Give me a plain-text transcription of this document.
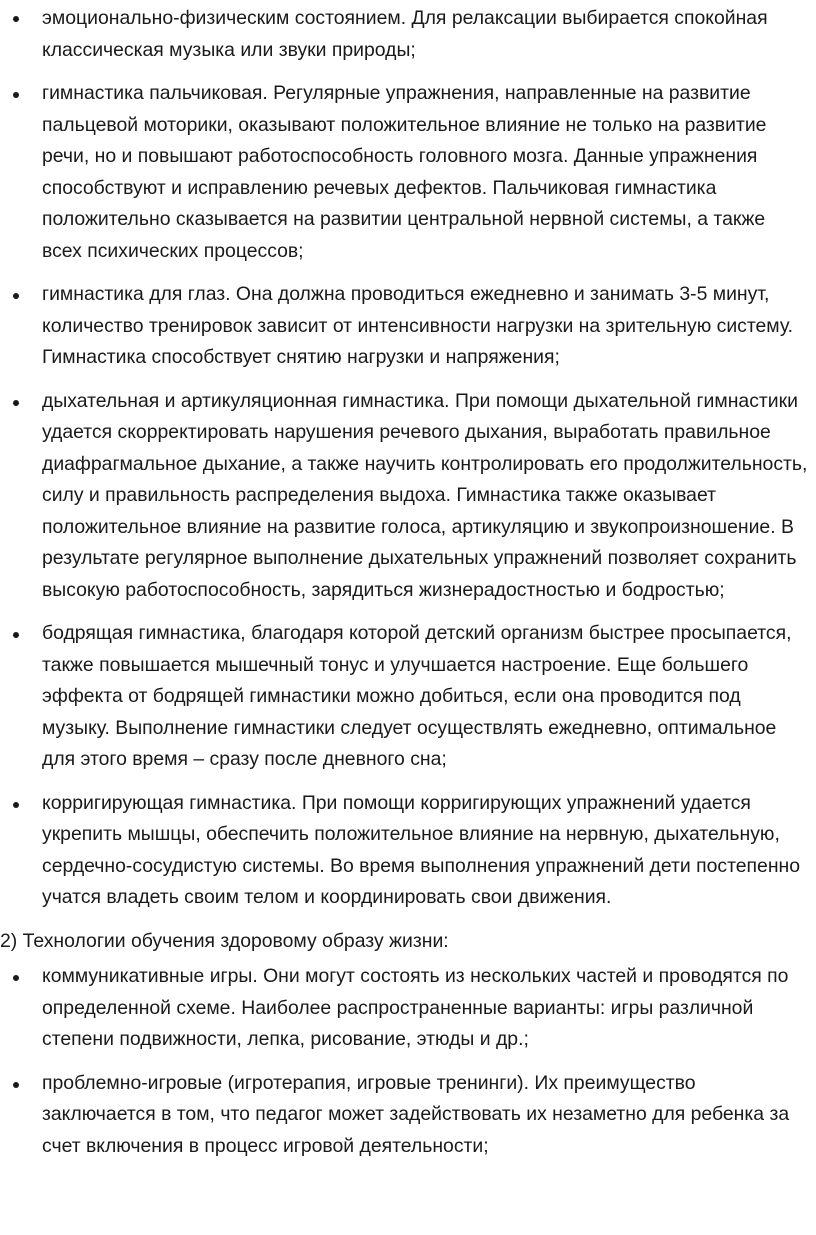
эмоционально-физическим состоянием. Для релаксации выбирается спокойная классическая музыка или звуки природы;
гимнастика пальчиковая. Регулярные упражнения, направленные на развитие пальцевой моторики, оказывают положительное влияние не только на развитие речи, но и повышают работоспособность головного мозга. Данные упражнения способствуют и исправлению речевых дефектов. Пальчиковая гимнастика положительно сказывается на развитии центральной нервной системы, а также всех психических процессов;
гимнастика для глаз. Она должна проводиться ежедневно и занимать 3-5 минут, количество тренировок зависит от интенсивности нагрузки на зрительную систему. Гимнастика способствует снятию нагрузки и напряжения;
дыхательная и артикуляционная гимнастика. При помощи дыхательной гимнастики удается скорректировать нарушения речевого дыхания, выработать правильное диафрагмальное дыхание, а также научить контролировать его продолжительность, силу и правильность распределения выдоха. Гимнастика также оказывает положительное влияние на развитие голоса, артикуляцию и звукопроизношение. В результате регулярное выполнение дыхательных упражнений позволяет сохранить высокую работоспособность, зарядиться жизнерадостностью и бодростью;
бодрящая гимнастика, благодаря которой детский организм быстрее просыпается, также повышается мышечный тонус и улучшается настроение. Еще большего эффекта от бодрящей гимнастики можно добиться, если она проводится под музыку. Выполнение гимнастики следует осуществлять ежедневно, оптимальное для этого время – сразу после дневного сна;
корригирующая гимнастика. При помощи корригирующих упражнений удается укрепить мышцы, обеспечить положительное влияние на нервную, дыхательную, сердечно-сосудистую системы. Во время выполнения упражнений дети постепенно учатся владеть своим телом и координировать свои движения.

2) Технологии обучения здоровому образу жизни:

коммуникативные игры. Они могут состоять из нескольких частей и проводятся по определенной схеме. Наиболее распространенные варианты: игры различной степени подвижности, лепка, рисование, этюды и др.;
проблемно-игровые (игротерапия, игровые тренинги). Их преимущество заключается в том, что педагог может задействовать их незаметно для ребенка за счет включения в процесс игровой деятельности;
